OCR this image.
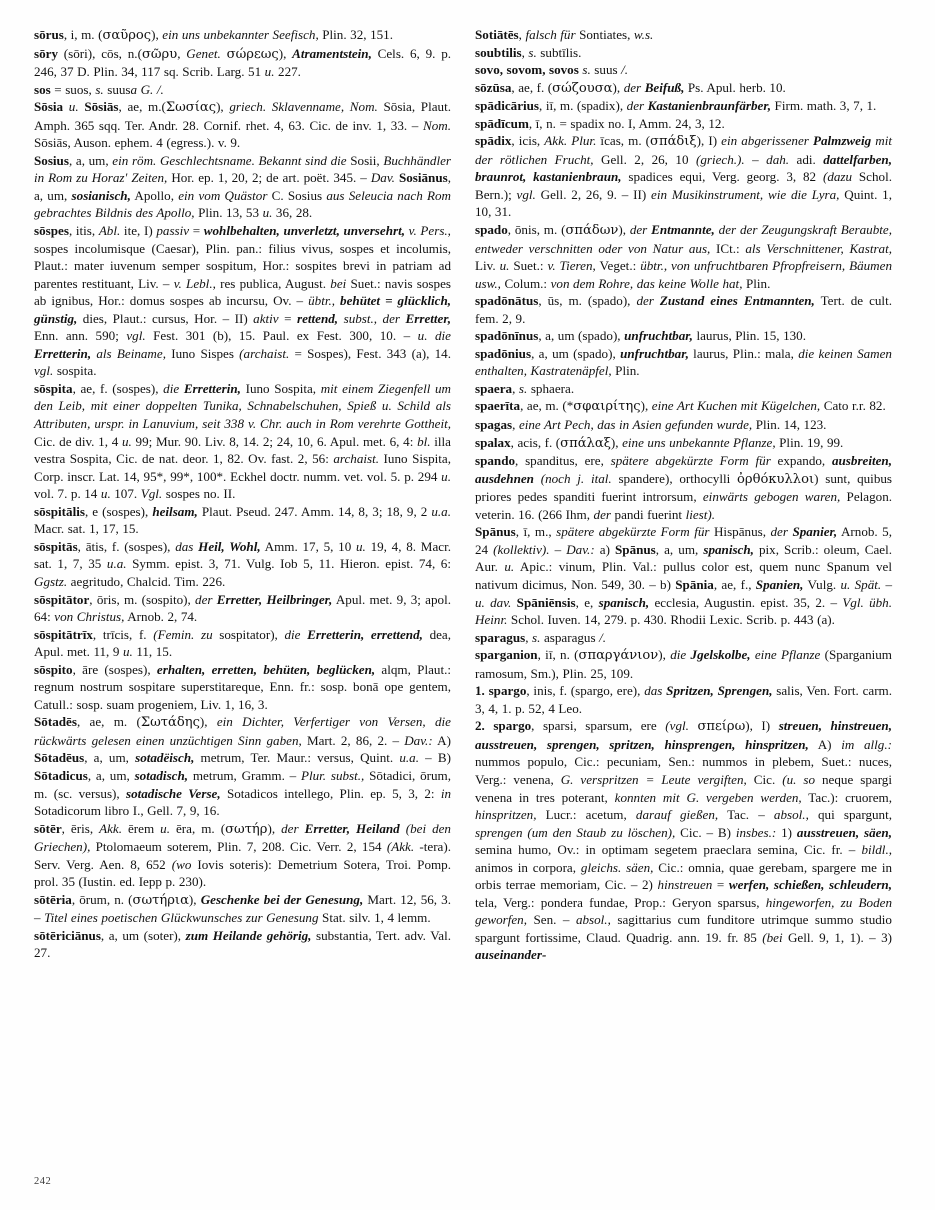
sōrus, i, m. (σαῦρος), ein uns unbekannter Seefisch, Plin. 32, 151.

sōry (sōri), cōs, n.(σῶρυ, Genet. σώρεως), Atramentstein, Cels. 6, 9. p. 246, 37 D. Plin. 34, 117 sq. Scrib. Larg. 51 u. 227.

sos = suos, s. suusa G. /.

Sōsia u. Sōsiās, ae, m.(Σωσίας), griech. Sklavenname, Nom. Sōsia, Plaut. Amph. 365 sqq. Ter. Andr. 28. Cornif. rhet. 4, 63. Cic. de inv. 1, 33. – Nom. Sōsiās, Auson. ephem. 4 (egress.). v. 9.

Sosius, a, um, ein röm. Geschlechtsname. Bekannt sind die Sosii, Buchhändler in Rom zu Horaz' Zeiten, Hor. ep. 1, 20, 2; de art. poët. 345. – Dav. Sosiānus, a, um, sosianisch, Apollo, ein vom Quästor C. Sosius aus Seleucia nach Rom gebrachtes Bildnis des Apollo, Plin. 13, 53 u. 36, 28.

sōspes, itis, Abl. ite, I) passiv = wohlbehalten, unverletzt, unversehrt, v. Pers., sospes incolumisque (Caesar), Plin. pan.: filius vivus, sospes et incolumis, Plaut.: mater iuvenum semper sospitum, Hor.: sospites brevi in patriam ad parentes restituant, Liv. – v. Lebl., res publica, August. bei Suet.: navis sospes ab ignibus, Hor.: domus sospes ab incursu, Ov. – übtr., behütet = glücklich, günstig, dies, Plaut.: cursus, Hor. – II) aktiv = rettend, subst., der Erretter, Enn. ann. 590; vgl. Fest. 301 (b), 15. Paul. ex Fest. 300, 10. – u. die Erretterin, als Beiname, Iuno Sispes (archaist. = Sospes), Fest. 343 (a), 14. vgl. sospita.

sōspita, ae, f. (sospes), die Erretterin, Iuno Sospita, mit einem Ziegenfell um den Leib, mit einer doppelten Tunika, Schnabelschuhen, Spieß u. Schild als Attributen, urspr. in Lanuvium, seit 338 v. Chr. auch in Rom verehrte Gottheit, Cic. de div. 1, 4 u. 99; Mur. 90. Liv. 8, 14. 2; 24, 10, 6. Apul. met. 6, 4: bl. illa vestra Sospita, Cic. de nat. deor. 1, 82. Ov. fast. 2, 56: archaist. Iuno Sispita, Corp. inscr. Lat. 14, 95*, 99*, 100*. Eckhel doctr. numm. vet. vol. 5. p. 294 u. vol. 7. p. 14 u. 107. Vgl. sospes no. II.

sōspitālis, e (sospes), heilsam, Plaut. Pseud. 247. Amm. 14, 8, 3; 18, 9, 2 u.a. Macr. sat. 1, 17, 15.

sōspitās, ātis, f. (sospes), das Heil, Wohl, Amm. 17, 5, 10 u. 19, 4, 8. Macr. sat. 1, 7, 35 u.a. Symm. epist. 3, 71. Vulg. Iob 5, 11. Hieron. epist. 74, 6: Ggstz. aegritudo, Chalcid. Tim. 226.

sōspitātor, ōris, m. (sospito), der Erretter, Heilbringer, Apul. met. 9, 3; apol. 64: von Christus, Arnob. 2, 74.

sōspitātrīx, trīcis, f. (Femin. zu sospitator), die Erretterin, errettend, dea, Apul. met. 11, 9 u. 11, 15.

sōspito, āre (sospes), erhalten, erretten, behüten, beglücken, alqm, Plaut.: regnum nostrum sospitare superstitareque, Enn. fr.: sosp. bonā ope gentem, Catull.: sosp. suam progeniem, Liv. 1, 16, 3.

Sōtadēs, ae, m. (Σωτάδης), ein Dichter, Verfertiger von Versen, die rückwärts gelesen einen unzüchtigen Sinn gaben, Mart. 2, 86, 2. – Dav.: A) Sōtadēus, a, um, sotadëisch, metrum, Ter. Maur.: versus, Quint. u.a. – B) Sōtadicus, a, um, sotadisch, metrum, Gramm. – Plur. subst., Sōtadici, ōrum, m. (sc. versus), sotadische Verse, Sotadicos intellego, Plin. ep. 5, 3, 2: in Sotadicorum libro I., Gell. 7, 9, 16.

sōtēr, ēris, Akk. ērem u. ēra, m. (σωτήρ), der Erretter, Heiland (bei den Griechen), Ptolomaeum soterem, Plin. 7, 208. Cic. Verr. 2, 154 (Akk. -tera). Serv. Verg. Aen. 8, 652 (wo Iovis soteris): Demetrium Sotera, Troi. Pomp. prol. 35 (Iustin. ed. Iepp p. 230).

sōtēria, ōrum, n. (σωτήρια), Geschenke bei der Genesung, Mart. 12, 56, 3. – Titel eines poetischen Glückwunsches zur Genesung Stat. silv. 1, 4 lemm.

sōtēriciānus, a, um (soter), zum Heilande gehörig, substantia, Tert. adv. Val. 27.

Sotiātēs, falsch für Sontiates, w.s.

soubtilis, s. subtīlis.

sovo, sovom, sovos s. suus /.

sōzūsa, ae, f. (σώζουσα), der Beifuß, Ps. Apul. herb. 10.

spādicārius, iī, m. (spadix), der Kastanienbraunfärber, Firm. math. 3, 7, 1.

spādīcum, ī, n. = spadix no. I, Amm. 24, 3, 12.

spādix, icis, Akk. Plur. īcas, m. (σπάδιξ), I) ein abgerissener Palmzweig mit der rötlichen Frucht, Gell. 2, 26, 10 (griech.). – dah. adi. dattelfarben, braunrot, kastanienbraun, spadices equi, Verg. georg. 3, 82 (dazu Schol. Bern.); vgl. Gell. 2, 26, 9. – II) ein Musikinstrument, wie die Lyra, Quint. 1, 10, 31.

spado, ōnis, m. (σπάδων), der Entmannte, der der Zeugungskraft Beraubte, entweder verschnitten oder von Natur aus, ICt.: als Verschnittener, Kastrat, Liv. u. Suet.: v. Tieren, Veget.: übtr., von unfruchtbaren Pfropfreisern, Bäumen usw., Colum.: von dem Rohre, das keine Wolle hat, Plin.

spadōnātus, ūs, m. (spado), der Zustand eines Entmannten, Tert. de cult. fem. 2, 9.

spadōnīnus, a, um (spado), unfruchtbar, laurus, Plin. 15, 130.

spadōnius, a, um (spado), unfruchtbar, laurus, Plin.: mala, die keinen Samen enthalten, Kastratenäpfel, Plin.

spaera, s. sphaera.

spaerīta, ae, m. (*σφαιρίτης), eine Art Kuchen mit Kügelchen, Cato r.r. 82.

spagas, eine Art Pech, das in Asien gefunden wurde, Plin. 14, 123.

spalax, acis, f. (σπάλαξ), eine uns unbekannte Pflanze, Plin. 19, 99.

spando, spanditus, ere, spätere abgekürzte Form für expando, ausbreiten, ausdehnen (noch j. ital. spandere), orthocylli ὀρθόκυλλοι) sunt, quibus priores pedes spanditi fuerint introrsum, einwärts gebogen waren, Pelagon. veterin. 16. (266 Ihm, der pandi fuerint liest).

Spānus, ī, m., spätere abgekürzte Form für Hispānus, der Spanier, Arnob. 5, 24 (kollektiv). – Dav.: a) Spānus, a, um, spanisch, pix, Scrib.: oleum, Cael. Aur. u. Apic.: vinum, Plin. Val.: pullus color est, quem nunc Spanum vel nativum dicimus, Non. 549, 30. – b) Spānia, ae, f., Spanien, Vulg. u. Spät. – u. dav. Spāniēnsis, e, spanisch, ecclesia, Augustin. epist. 35, 2. – Vgl. übh. Heinr. Schol. Iuven. 14, 279. p. 430. Rhodii Lexic. Scrib. p. 443 (a).

sparagus, s. asparagus /.

sparganion, iī, n. (σπαργάνιον), die Jgelskolbe, eine Pflanze (Sparganium ramosum, Sm.), Plin. 25, 109.

1. spargo, inis, f. (spargo, ere), das Spritzen, Sprengen, salis, Ven. Fort. carm. 3, 4, 1. p. 52, 4 Leo.

2. spargo, sparsi, sparsum, ere (vgl. σπείρω), I) streuen, hinstreuen, ausstreuen, sprengen, spritzen, hinsprengen, hinspritzen, A) im allg.: nummos populo, Cic.: pecuniam, Sen.: nummos in plebem, Suet.: nuces, Verg.: venena, G. verspritzen = Leute vergiften, Cic. (u. so neque spargi venena in tres poterant, konnten mit G. vergeben werden, Tac.): cruorem, hinspritzen, Lucr.: acetum, darauf gießen, Tac. – absol., qui spargunt, sprengen (um den Staub zu löschen), Cic. – B) insbes.: 1) ausstreuen, säen, semina humo, Ov.: in optimam segetem praeclara semina, Cic. fr. – bildl., animos in corpora, gleichs. säen, Cic.: omnia, quae gerebam, spargere me in orbis terrae memoriam, Cic. – 2) hinstreuen = werfen, schießen, schleudern, tela, Verg.: pondera fundae, Prop.: Geryon sparsus, hingeworfen, zu Boden geworfen, Sen. – absol., sagittarius cum funditore utrimque summo studio spargunt fortissime, Claud. Quadrig. ann. 19. fr. 85 (bei Gell. 9, 1, 1). – 3) auseinander-

242
